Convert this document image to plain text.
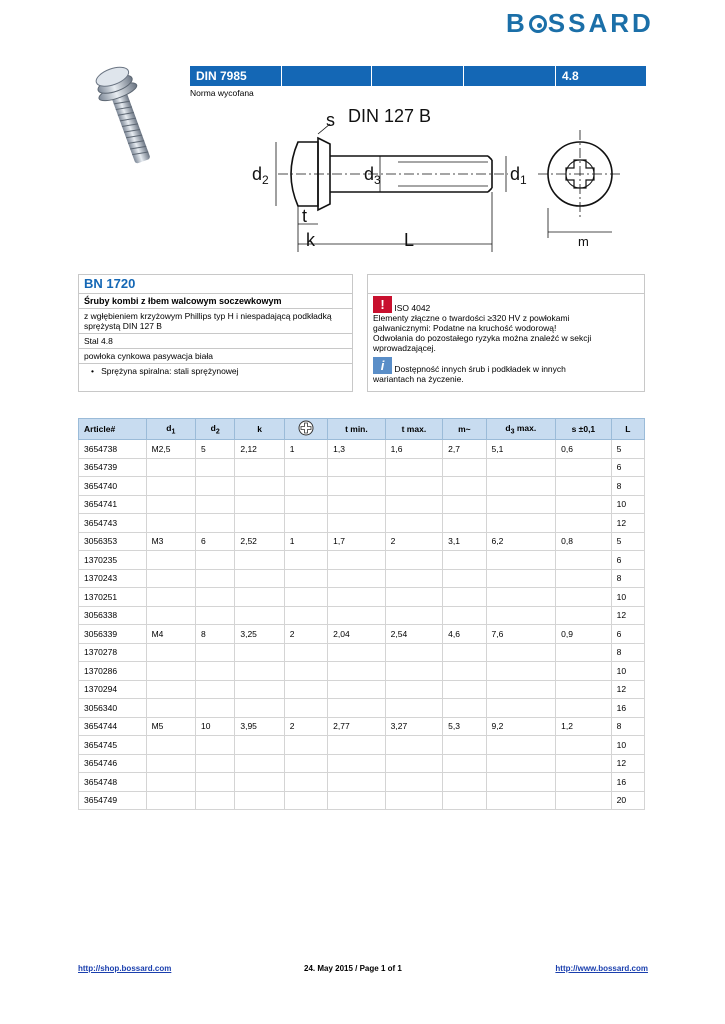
B SSARD
DIN 7985	4.8
Norma wycofana
s DIN 127 B
$d_2$	$d_3$	$d_1$
t
k	L	m
BN 1720
Śruby kombi z łbem walcowym soczewkowym
z wgłębieniem krzyżowym Phillips typ H i niespadającą podkładką sprężystą DIN 127 B
Stal 4.8
powłoka cynkowa pasywacja biała
•   Sprężyna spiralna: stali sprężynowej
! ISO 4042
Elementy złączne o twardości ≥320 HV z powłokami
galwanicznymi: Podatne na kruchość wodorową!
Odwołania do pozostałego ryzyka można znaleźć w sekcji
wprowadzającej.
i Dostępność innych śrub i podkładek w innych
wariantach na życzenie.
Article#	$d_1$	$d_2$	k		t min.	t max.	m~	$d_3$ max.	s ±0,1	L
3654738	M2,5	5	2,12	1	1,3	1,6	2,7	5,1	0,6	5
3654739										6
3654740										8
3654741										10
3654743										12
3056353	M3	6	2,52	1	1,7	2	3,1	6,2	0,8	5
1370235										6
1370243										8
1370251										10
3056338										12
3056339	M4	8	3,25	2	2,04	2,54	4,6	7,6	0,9	6
1370278										8
1370286										10
1370294										12
3056340										16
3654744	M5	10	3,95	2	2,77	3,27	5,3	9,2	1,2	8
3654745										10
3654746										12
3654748										16
3654749										20
http://shop.bossard.com	24. May 2015 / Page 1 of 1	http://www.bossard.com
